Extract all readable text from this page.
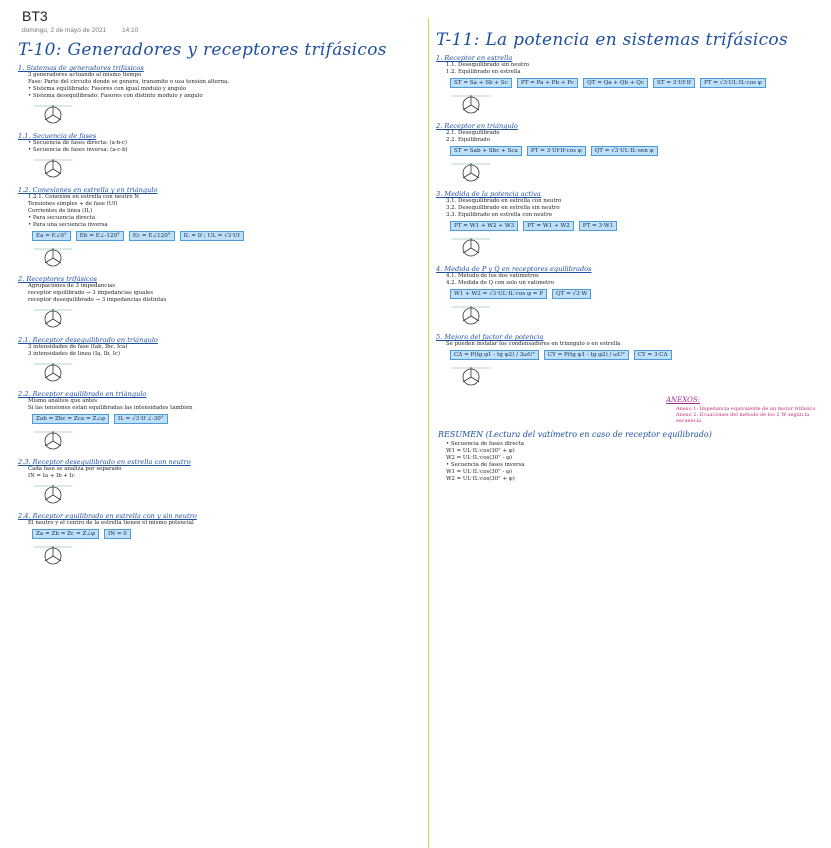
BT3
domingo, 2 de mayo de 2021 14:10
T-10: Generadores y receptores trifásicos
1. Sistemas de generadores trifásicos
3 generadores actuando al mismo tiempo
Fase: Parte del circuito donde se genera, transmite o usa tensión alterna.
• Sistema equilibrado: Fasores con igual módulo y ángulo
• Sistema desequilibrado: Fasores con distinto módulo y ángulo
1.1. Secuencia de fases
• Secuencia de fases directa: (a-b-c)
• Secuencia de fases inversa: (a-c-b)
1.2. Conexiones en estrella y en triángulo
1.2.1. Conexión en estrella con neutro N
Tensiones simples + de fase (Uf)
Corrientes de línea (IL)
• Para secuencia directa
• Para una secuencia inversa
Ea = E∠0°	Eb = E∠-120°	Ec = E∠120°	IL = If ; UL = √3·Uf
2. Receptores trifásicos
Agrupaciones de 3 impedancias
receptor equilibrado → 3 impedancias iguales
receptor desequilibrado → 3 impedancias distintas
2.1. Receptor desequilibrado en triángulo
3 intensidades de fase (Iab, Ibc, Ica)
3 intensidades de línea (Ia, Ib, Ic)
2.2. Receptor equilibrado en triángulo
Mismo análisis que antes
Si las tensiones están equilibradas las intensidades también
Zab = Zbc = Zca = Z∠φ	IL = √3·If ∠-30°
2.3. Receptor desequilibrado en estrella con neutro
Cada fase se analiza por separado
IN = Ia + Ib + Ic
2.4. Receptor equilibrado en estrella con y sin neutro
El neutro y el centro de la estrella tienen el mismo potencial
Za = Zb = Zc = Z∠φ	IN = 0
T-11: La potencia en sistemas trifásicos
1. Receptor en estrella
1.1. Desequilibrado sin neutro
1.2. Equilibrado en estrella
ST = Sa + Sb + Sc	PT = Pa + Pb + Pc	QT = Qa + Qb + Qc	ST = 3·Uf·If	PT = √3·UL·IL·cos φ
2. Receptor en triángulo
2.1. Desequilibrado
2.2. Equilibrado
ST = Sab + Sbc + Sca	PT = 3·Uf·If·cos φ	QT = √3·UL·IL·sen φ
3. Medida de la potencia activa
3.1. Desequilibrado en estrella con neutro
3.2. Desequilibrado en estrella sin neutro
3.3. Equilibrado en estrella con neutro
PT = W1 + W2 + W3	PT = W1 + W2	PT = 3·W1
4. Medida de P y Q en receptores equilibrados
4.1. Método de los dos vatímetros
4.2. Medida de Q con solo un vatímetro
W1 + W2 = √3·UL·IL·cos φ = P	QT = √3·W
5. Mejora del factor de potencia
Se pueden instalar los condensadores en triángulo o en estrella
CΔ = P(tg φ1 - tg φ2) / 3ωU²	CY = P(tg φ1 - tg φ2) / ωU²	CY = 3·CΔ
ANEXOS:
Anexo 1: Impedancia equivalente de un motor trifásico
Anexo 2: Ecuaciones del método de los 2 W según la secuencia
RESUMEN (Lectura del vatímetro en caso de receptor equilibrado)
• Secuencia de fases directa
W1 = UL·IL·cos(30° + φ)
W2 = UL·IL·cos(30° - φ)
• Secuencia de fases inversa
W1 = UL·IL·cos(30° - φ)
W2 = UL·IL·cos(30° + φ)
